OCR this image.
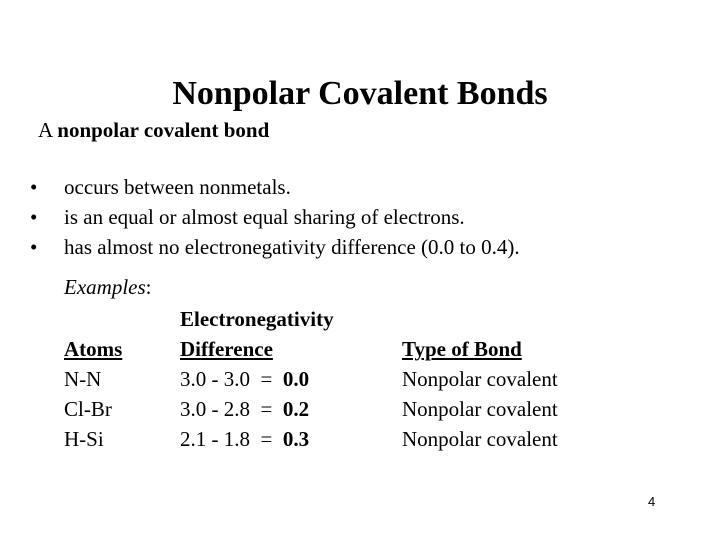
Nonpolar Covalent Bonds
A nonpolar covalent bond
• occurs between nonmetals.
• is an equal or almost equal sharing of electrons.
• has almost no electronegativity difference (0.0 to 0.4).
Examples:
Atoms
N-N
Cl-Br
H-Si
Electronegativity
Difference
3.0 - 3.0 = 0.0
3.0 - 2.8 = 0.2
2.1 - 1.8 = 0.3
Type of Bond
Nonpolar covalent
Nonpolar covalent
Nonpolar covalent
4
